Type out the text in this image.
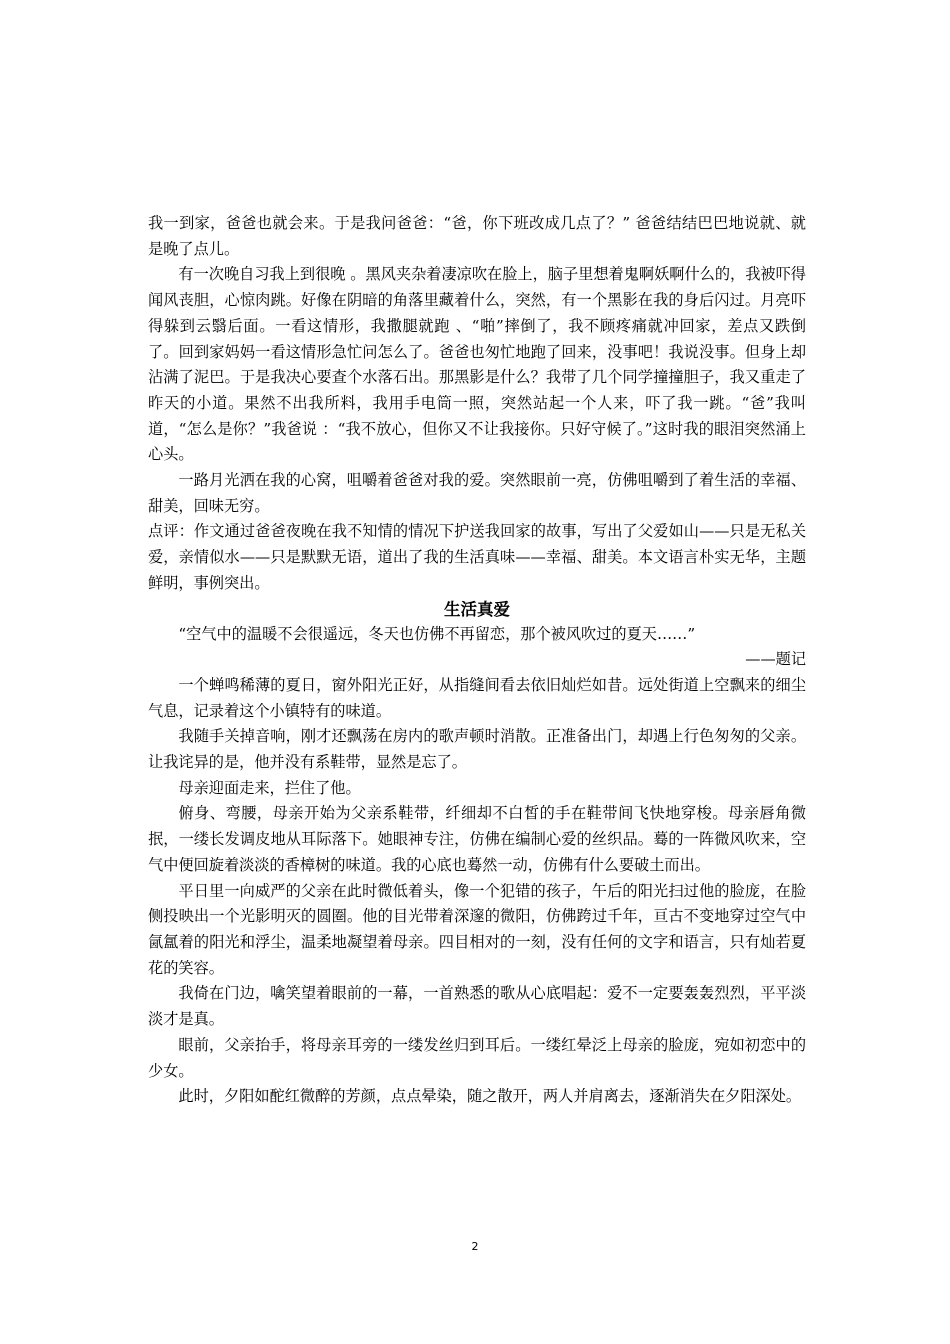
我一到家，爸爸也就会来。于是我问爸爸：“爸，你下班改成几点了？” 爸爸结结巴巴地说就、就是晚了点儿。

有一次晚自习我上到很晚 。黑风夹杂着凄凉吹在脸上，脑子里想着鬼啊妖啊什么的，我被吓得闻风丧胆，心惊肉跳。好像在阴暗的角落里藏着什么，突然，有一个黑影在我的身后闪过。月亮吓得躲到云翳后面。一看这情形，我撒腿就跑 、“啪”摔倒了，我不顾疼痛就冲回家，差点又跌倒了。回到家妈妈一看这情形急忙问怎么了。爸爸也匆忙地跑了回来，没事吧！我说没事。但身上却沾满了泥巴。于是我决心要查个水落石出。那黑影是什么？我带了几个同学撞撞胆子，我又重走了昨天的小道。果然不出我所料，我用手电筒一照，突然站起一个人来，吓了我一跳。“爸”我叫道，“怎么是你？”我爸说 ：“我不放心，但你又不让我接你。只好守候了。”这时我的眼泪突然涌上心头。

一路月光洒在我的心窝，咀嚼着爸爸对我的爱。突然眼前一亮，仿佛咀嚼到了着生活的幸福、甜美，回味无穷。

点评：作文通过爸爸夜晚在我不知情的情况下护送我回家的故事，写出了父爱如山——只是无私关爱，亲情似水——只是默默无语，道出了我的生活真味——幸福、甜美。本文语言朴实无华，主题鲜明，事例突出。

生活真爱

“空气中的温暖不会很遥远，冬天也仿佛不再留恋，那个被风吹过的夏天……”

——题记

一个蝉鸣稀薄的夏日，窗外阳光正好，从指缝间看去依旧灿烂如昔。远处街道上空飘来的细尘气息，记录着这个小镇特有的味道。

我随手关掉音响，刚才还飘荡在房内的歌声顿时消散。正准备出门，却遇上行色匆匆的父亲。让我诧异的是，他并没有系鞋带，显然是忘了。

母亲迎面走来，拦住了他。

俯身、弯腰，母亲开始为父亲系鞋带，纤细却不白皙的手在鞋带间飞快地穿梭。母亲唇角微抿，一缕长发调皮地从耳际落下。她眼神专注，仿佛在编制心爱的丝织品。蓦的一阵微风吹来，空气中便回旋着淡淡的香樟树的味道。我的心底也蓦然一动，仿佛有什么要破土而出。

平日里一向威严的父亲在此时微低着头，像一个犯错的孩子，午后的阳光扫过他的脸庞，在脸侧投映出一个光影明灭的圆圈。他的目光带着深邃的微阳，仿佛跨过千年，亘古不变地穿过空气中氤氲着的阳光和浮尘，温柔地凝望着母亲。四目相对的一刻，没有任何的文字和语言，只有灿若夏花的笑容。

我倚在门边，噙笑望着眼前的一幕，一首熟悉的歌从心底唱起：爱不一定要轰轰烈烈，平平淡淡才是真。

眼前，父亲抬手，将母亲耳旁的一缕发丝归到耳后。一缕红晕泛上母亲的脸庞，宛如初恋中的少女。

此时，夕阳如酡红微醉的芳颜，点点晕染，随之散开，两人并肩离去，逐渐消失在夕阳深处。

2
